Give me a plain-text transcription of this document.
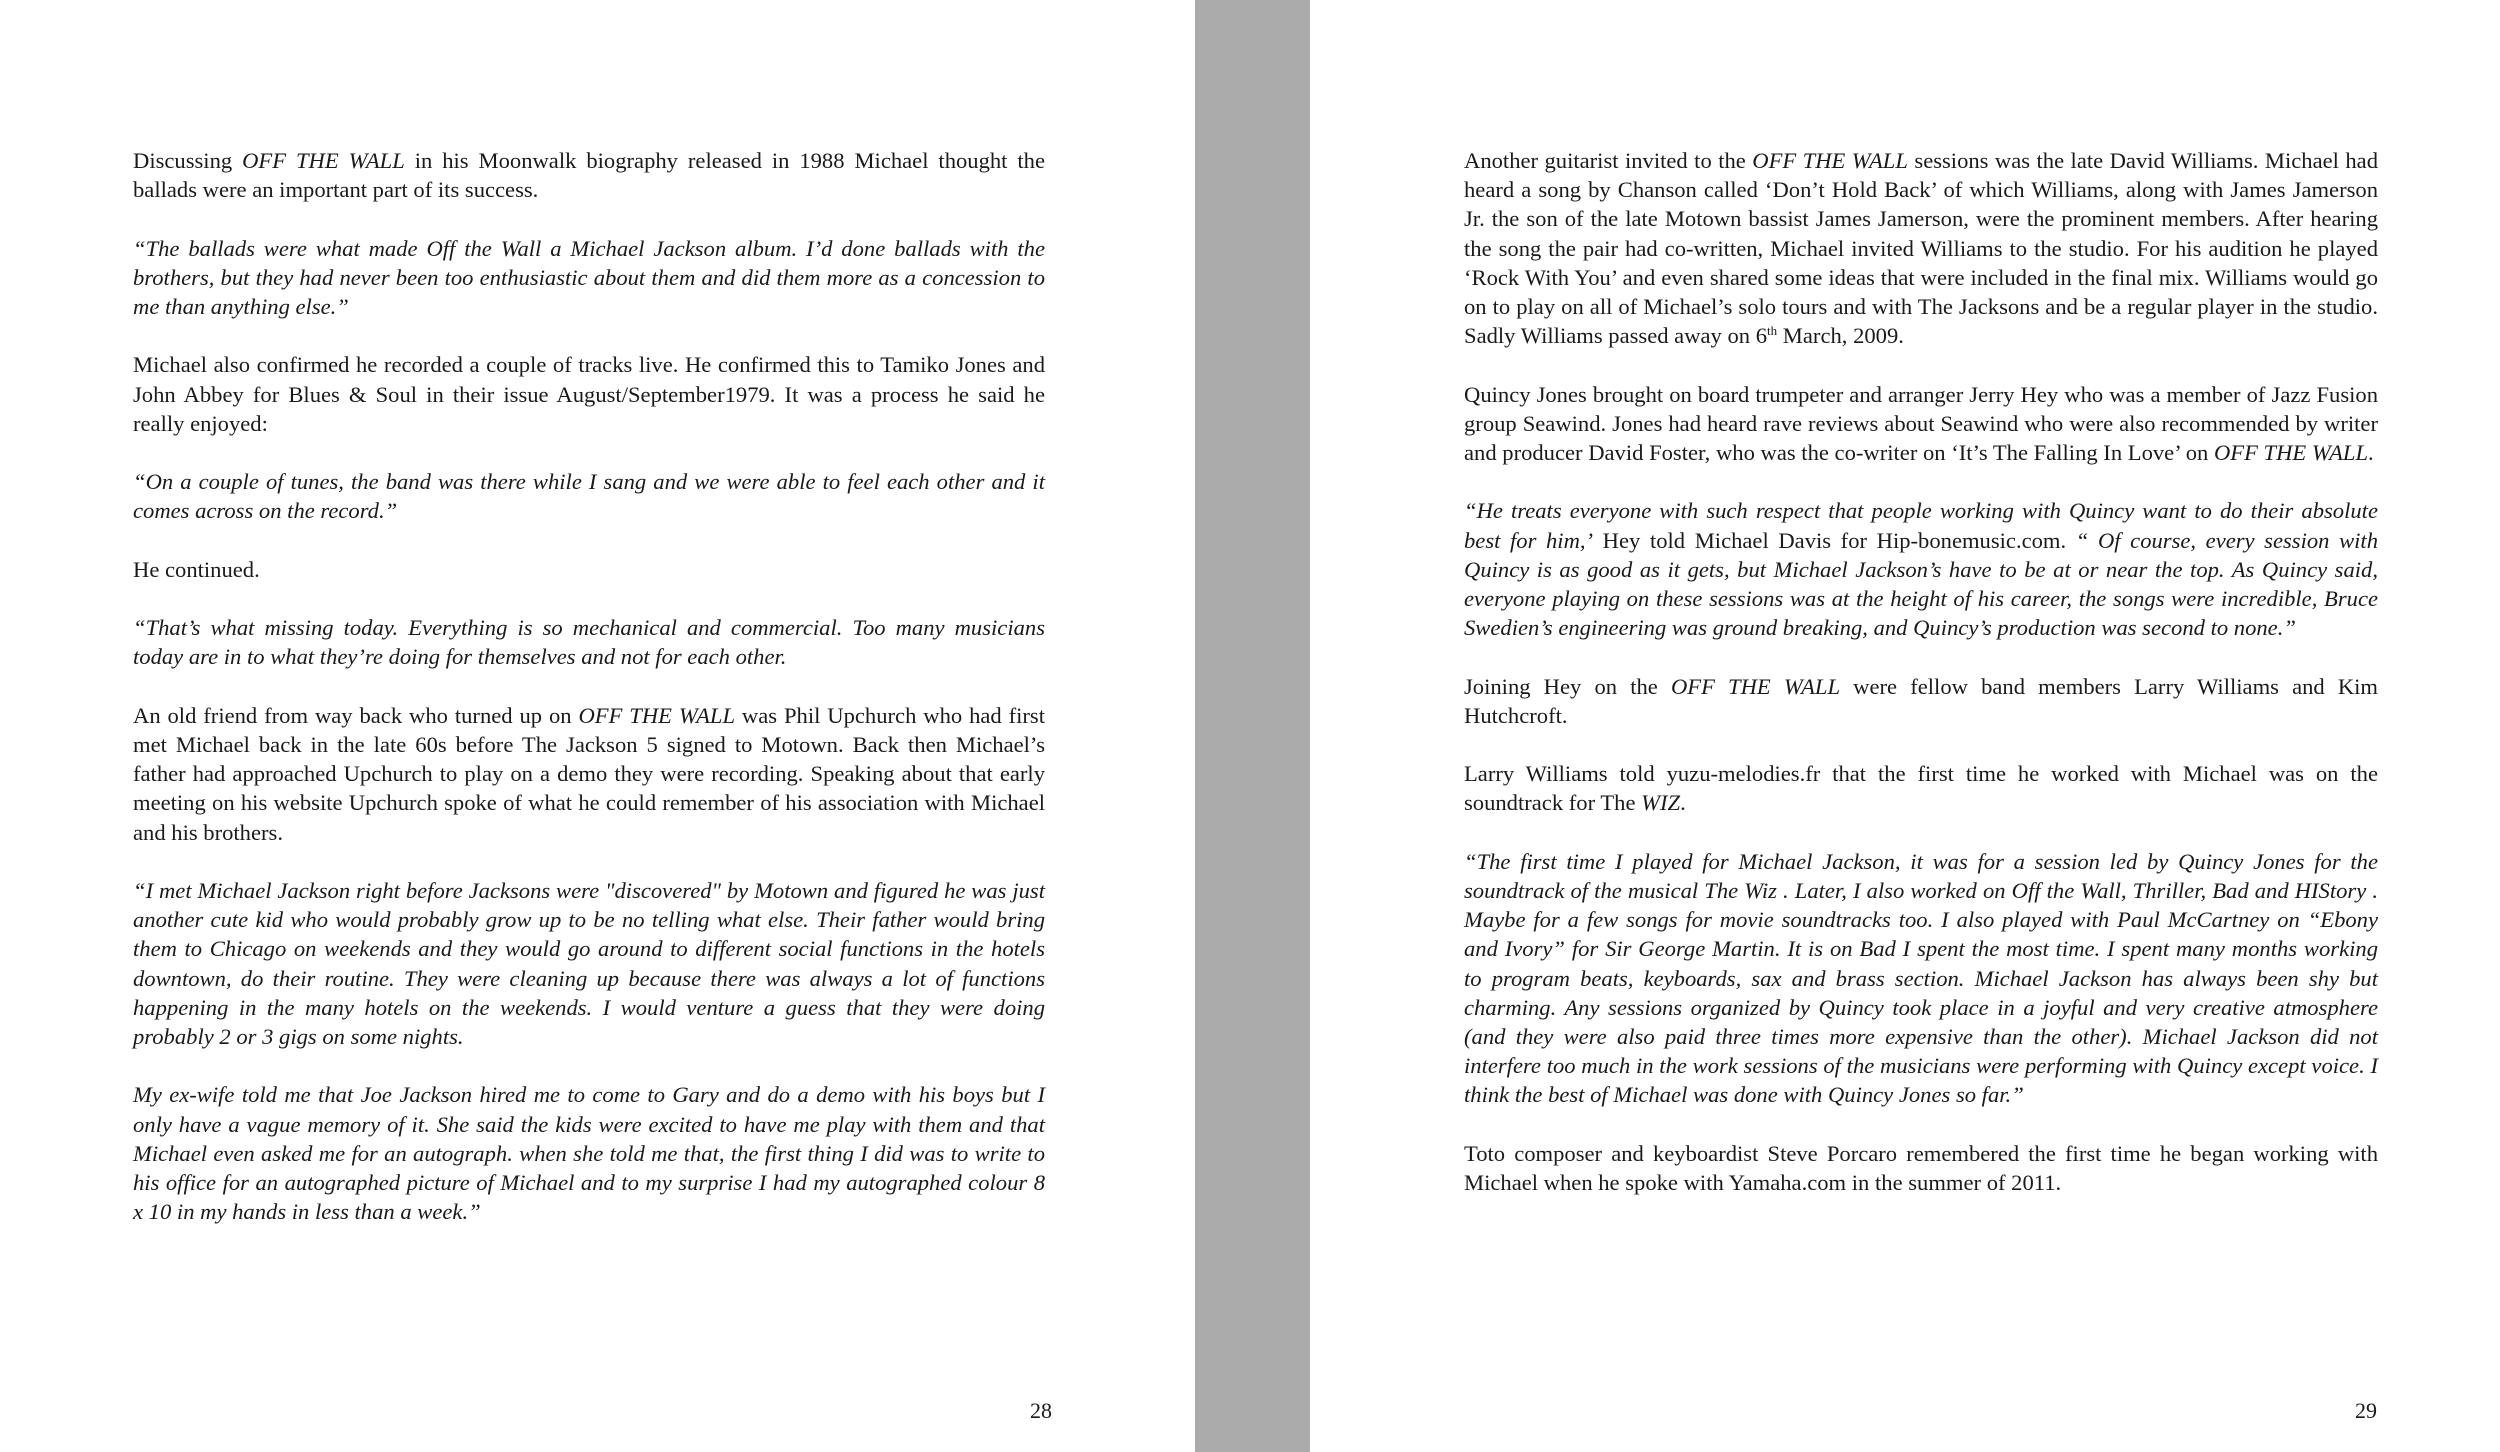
Discussing OFF THE WALL in his Moonwalk biography released in 1988 Michael thought the ballads were an important part of its success.

“The ballads were what made Off the Wall a Michael Jackson album. I’d done ballads with the brothers, but they had never been too enthusiastic about them and did them more as a concession to me than anything else.”

Michael also confirmed he recorded a couple of tracks live. He confirmed this to Tamiko Jones and John Abbey for Blues & Soul in their issue August/September1979. It was a process he said he really enjoyed:

“On a couple of tunes, the band was there while I sang and we were able to feel each other and it comes across on the record.”

He continued.

“That’s what missing today. Everything is so mechanical and commercial. Too many musicians today are in to what they’re doing for themselves and not for each other.

An old friend from way back who turned up on OFF THE WALL was Phil Upchurch who had first met Michael back in the late 60s before The Jackson 5 signed to Motown. Back then Michael’s father had approached Upchurch to play on a demo they were recording. Speaking about that early meeting on his website Upchurch spoke of what he could remember of his association with Michael and his brothers.

“I met Michael Jackson right before Jacksons were "discovered" by Motown and figured he was just another cute kid who would probably grow up to be no telling what else. Their father would bring them to Chicago on weekends and they would go around to different social functions in the hotels downtown, do their routine. They were cleaning up because there was always a lot of functions happening in the many hotels on the weekends. I would venture a guess that they were doing probably 2 or 3 gigs on some nights.

My ex-wife told me that Joe Jackson hired me to come to Gary and do a demo with his boys but I only have a vague memory of it. She said the kids were excited to have me play with them and that Michael even asked me for an autograph. when she told me that, the first thing I did was to write to his office for an autographed picture of Michael and to my surprise I had my autographed colour 8 x 10 in my hands in less than a week.”

28

Another guitarist invited to the OFF THE WALL sessions was the late David Williams. Michael had heard a song by Chanson called ‘Don’t Hold Back’ of which Williams, along with James Jamerson Jr. the son of the late Motown bassist James Jamerson, were the prominent members. After hearing the song the pair had co-written, Michael invited Williams to the studio. For his audition he played ‘Rock With You’ and even shared some ideas that were included in the final mix. Williams would go on to play on all of Michael’s solo tours and with The Jacksons and be a regular player in the studio. Sadly Williams passed away on 6th March, 2009.

Quincy Jones brought on board trumpeter and arranger Jerry Hey who was a member of Jazz Fusion group Seawind. Jones had heard rave reviews about Seawind who were also recommended by writer and producer David Foster, who was the co-writer on ‘It’s The Falling In Love’ on OFF THE WALL.

“He treats everyone with such respect that people working with Quincy want to do their absolute best for him,’ Hey told Michael Davis for Hip-bonemusic.com. “ Of course, every session with Quincy is as good as it gets, but Michael Jackson’s have to be at or near the top. As Quincy said, everyone playing on these sessions was at the height of his career, the songs were incredible, Bruce Swedien’s engineering was ground breaking, and Quincy’s production was second to none.”

Joining Hey on the OFF THE WALL were fellow band members Larry Williams and Kim Hutchcroft.

Larry Williams told yuzu-melodies.fr that the first time he worked with Michael was on the soundtrack for The WIZ.

“The first time I played for Michael Jackson, it was for a session led by Quincy Jones for the soundtrack of the musical The Wiz . Later, I also worked on Off the Wall, Thriller, Bad and HIStory . Maybe for a few songs for movie soundtracks too. I also played with Paul McCartney on “Ebony and Ivory” for Sir George Martin. It is on Bad I spent the most time. I spent many months working to program beats, keyboards, sax and brass section. Michael Jackson has always been shy but charming. Any sessions organized by Quincy took place in a joyful and very creative atmosphere (and they were also paid three times more expensive than the other). Michael Jackson did not interfere too much in the work sessions of the musicians were performing with Quincy except voice. I think the best of Michael was done with Quincy Jones so far.”

Toto composer and keyboardist Steve Porcaro remembered the first time he began working with Michael when he spoke with Yamaha.com in the summer of 2011.

29
